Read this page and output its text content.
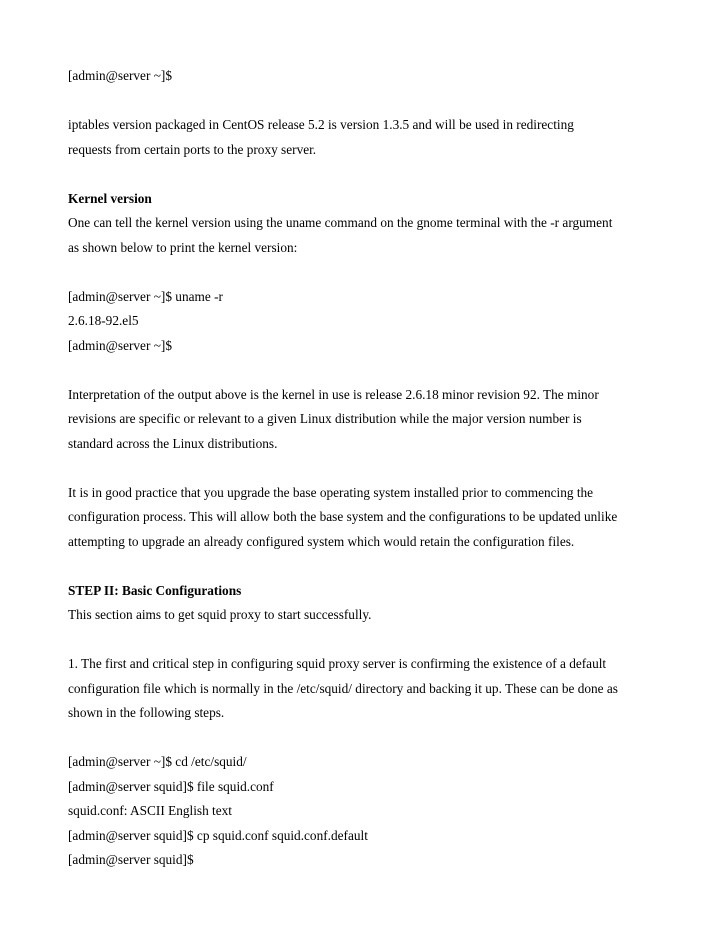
[admin@server ~]$
iptables version packaged in CentOS release 5.2 is version 1.3.5 and will be used in redirecting
requests from certain ports to the proxy server.
Kernel version
One can tell the kernel version using the uname command on the gnome terminal with the -r argument
as shown below to print the kernel version:
[admin@server ~]$ uname -r
2.6.18-92.el5
[admin@server ~]$
Interpretation of the output above is the kernel in use is release 2.6.18 minor revision 92. The minor
revisions are specific or relevant to a given Linux distribution while the major version number is
standard across the Linux distributions.
It is in good practice that you upgrade the base operating system installed prior to commencing the
configuration process. This will allow both the base system and the configurations to be updated unlike
attempting to upgrade an already configured system which would retain the configuration files.
STEP II: Basic Configurations
This section aims to get squid proxy to start successfully.
1. The first and critical step in configuring squid proxy server is confirming the existence of a default
configuration file which is normally in the /etc/squid/ directory and backing it up. These can be done as
shown in the following steps.
[admin@server ~]$ cd /etc/squid/
[admin@server squid]$ file squid.conf
squid.conf: ASCII English text
[admin@server squid]$ cp squid.conf squid.conf.default
[admin@server squid]$
